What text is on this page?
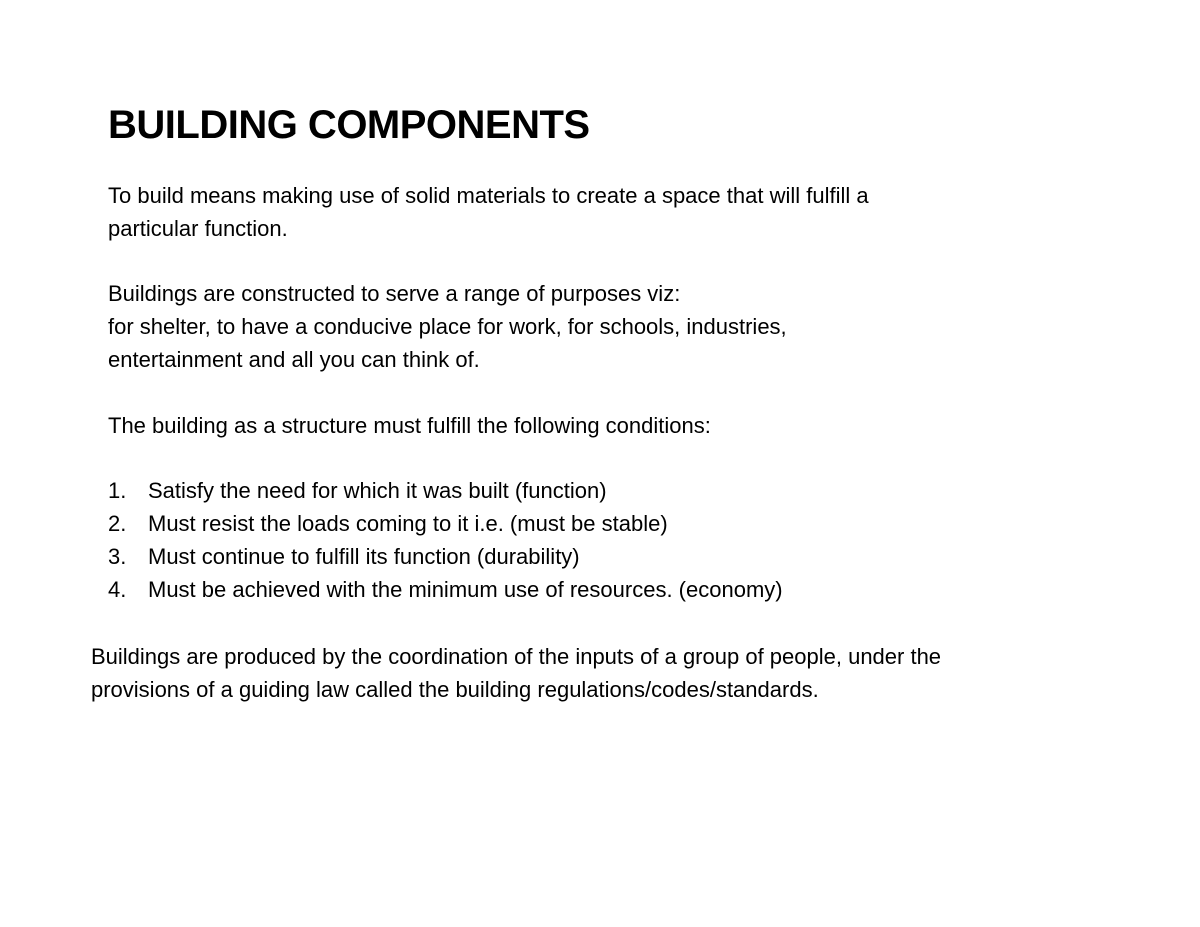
BUILDING COMPONENTS

To build means making use of solid materials to create a space that will fulfill a
particular function.

Buildings are constructed to serve a range of purposes viz:
for shelter, to have a conducive place for work, for schools, industries,
entertainment and all you can think of.

The building as a structure must fulfill the following conditions:

1. Satisfy the need for which it was built (function)
2. Must resist the loads coming to it i.e. (must be stable)
3. Must continue to fulfill its function (durability)
4. Must be achieved with the minimum use of resources. (economy)

Buildings are produced by the coordination of the inputs of a group of people, under the
provisions of a guiding law called the building regulations/codes/standards.
